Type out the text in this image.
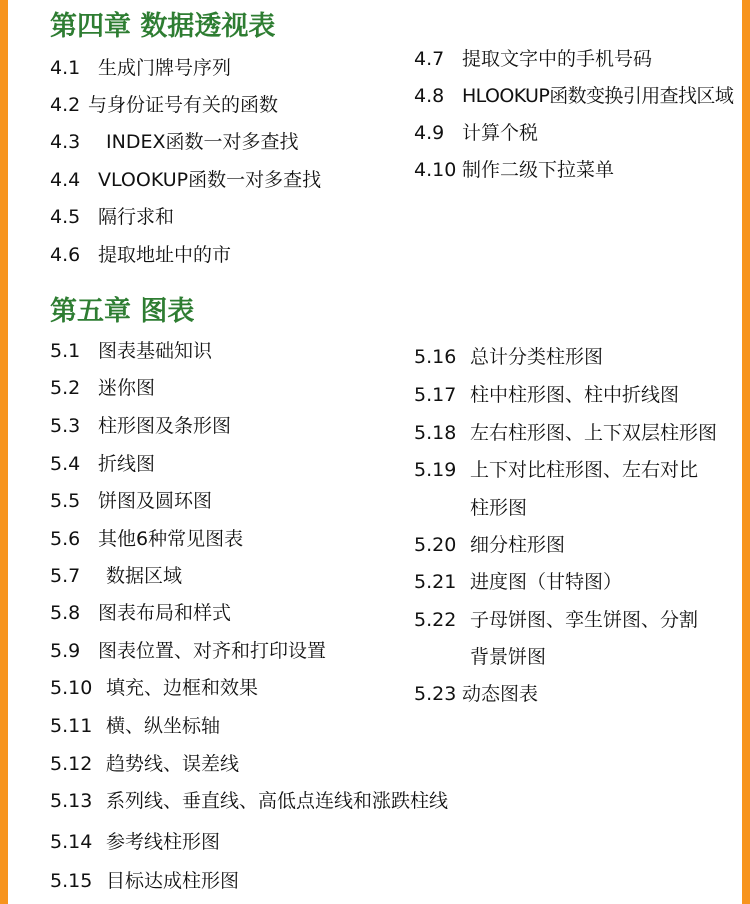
第四章 数据透视表
4.1 生成门牌号序列
4.2 与身份证号有关的函数
4.3 INDEX函数一对多查找
4.4 VLOOKUP函数一对多查找
4.5 隔行求和
4.6 提取地址中的市
4.7 提取文字中的手机号码
4.8 HLOOKUP函数变换引用查找区域
4.9 计算个税
4.10 制作二级下拉菜单
第五章 图表
5.1 图表基础知识
5.2 迷你图
5.3 柱形图及条形图
5.4 折线图
5.5 饼图及圆环图
5.6 其他6种常见图表
5.7 数据区域
5.8 图表布局和样式
5.9 图表位置、对齐和打印设置
5.10 填充、边框和效果
5.11 横、纵坐标轴
5.12 趋势线、误差线
5.13 系列线、垂直线、高低点连线和涨跌柱线
5.14 参考线柱形图
5.15 目标达成柱形图
5.16 总计分类柱形图
5.17 柱中柱形图、柱中折线图
5.18 左右柱形图、上下双层柱形图
5.19 上下对比柱形图、左右对比
柱形图
5.20 细分柱形图
5.21 进度图（甘特图）
5.22 子母饼图、孪生饼图、分割
背景饼图
5.23 动态图表
